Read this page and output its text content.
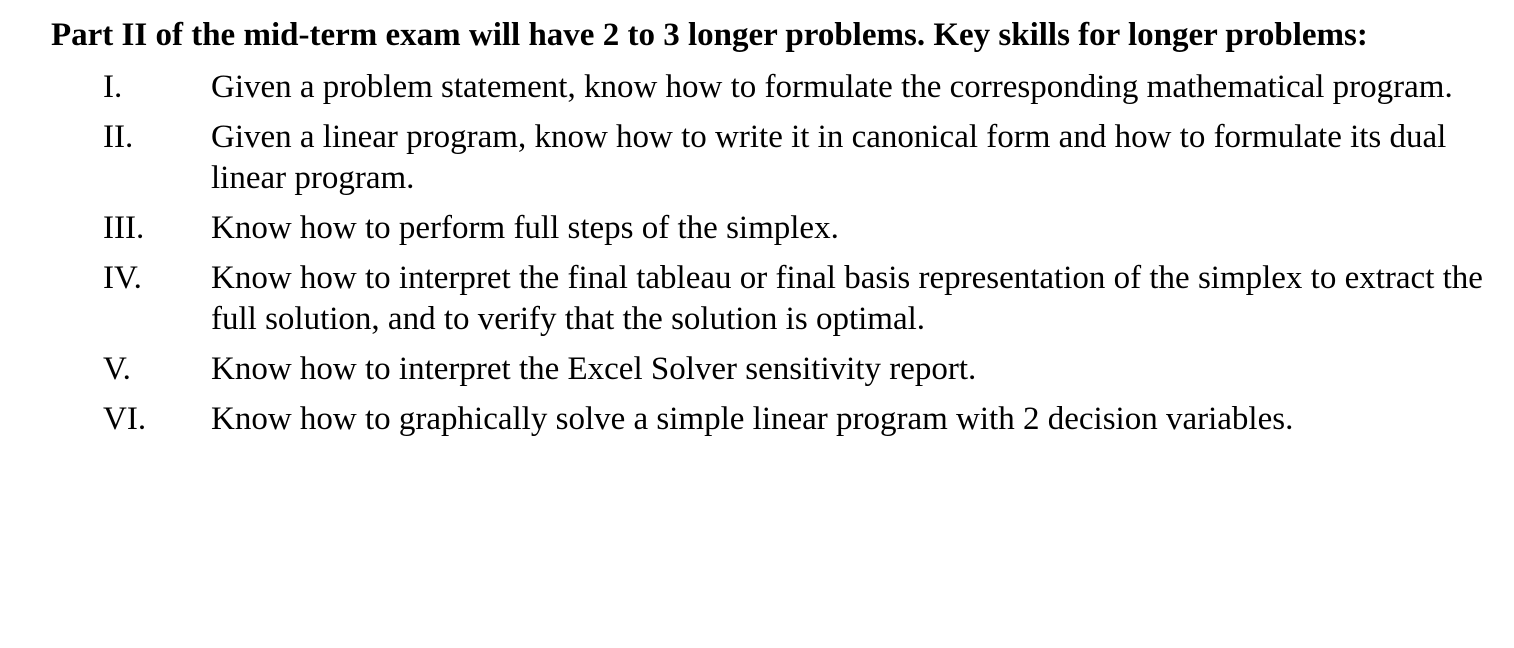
Part II of the mid-term exam will have 2 to 3 longer problems. Key skills for longer problems:

I.	Given a problem statement, know how to formulate the corresponding mathematical program.
II.	Given a linear program, know how to write it in canonical form and how to formulate its dual linear program.
III.	Know how to perform full steps of the simplex.
IV.	Know how to interpret the final tableau or final basis representation of the simplex to extract the full solution, and to verify that the solution is optimal.
V.	Know how to interpret the Excel Solver sensitivity report.
VI.	Know how to graphically solve a simple linear program with 2 decision variables.
